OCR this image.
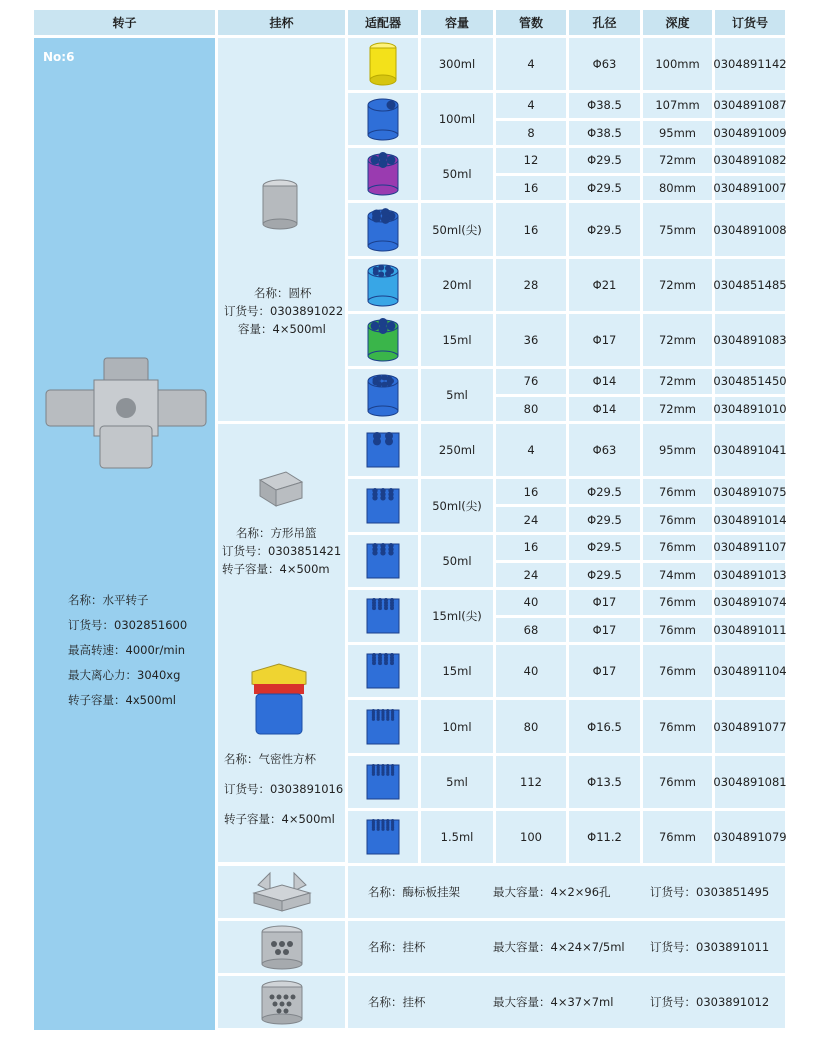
转子	挂杯	适配器	容量	管数	孔径	深度	订货号
No:6
名称：水平转子
订货号：0302851600
最高转速：4000r/min
最大离心力：3040xg
转子容量：4x500ml
名称：圆杯
订货号：0303891022
容量：4×500ml
名称：方形吊篮
订货号：0303851421
转子容量：4×500m
名称：气密性方杯
订货号：0303891016
转子容量：4×500ml
300ml	4	Φ63	100mm	0304891142
100ml
4	Φ38.5	107mm	0304891087
8	Φ38.5	95mm	0304891009
50ml
12	Φ29.5	72mm	0304891082
16	Φ29.5	80mm	0304891007
50ml(尖)	16	Φ29.5	75mm	0304891008
20ml	28	Φ21	72mm	0304851485
15ml	36	Φ17	72mm	0304891083
5ml
76	Φ14	72mm	0304851450
80	Φ14	72mm	0304891010
250ml	4	Φ63	95mm	0304891041
50ml(尖)
16	Φ29.5	76mm	0304891075
24	Φ29.5	76mm	0304891014
50ml
16	Φ29.5	76mm	0304891107
24	Φ29.5	74mm	0304891013
15ml(尖)
40	Φ17	76mm	0304891074
68	Φ17	76mm	0304891011
15ml	40	Φ17	76mm	0304891104
10ml	80	Φ16.5	76mm	0304891077
5ml	112	Φ13.5	76mm	0304891081
1.5ml	100	Φ11.2	76mm	0304891079
名称：酶标板挂架	最大容量：4×2×96孔	订货号：0303851495
名称：挂杯	最大容量：4×24×7/5ml 订货号：0303891011
名称：挂杯	最大容量：4×37×7ml	订货号：0303891012
